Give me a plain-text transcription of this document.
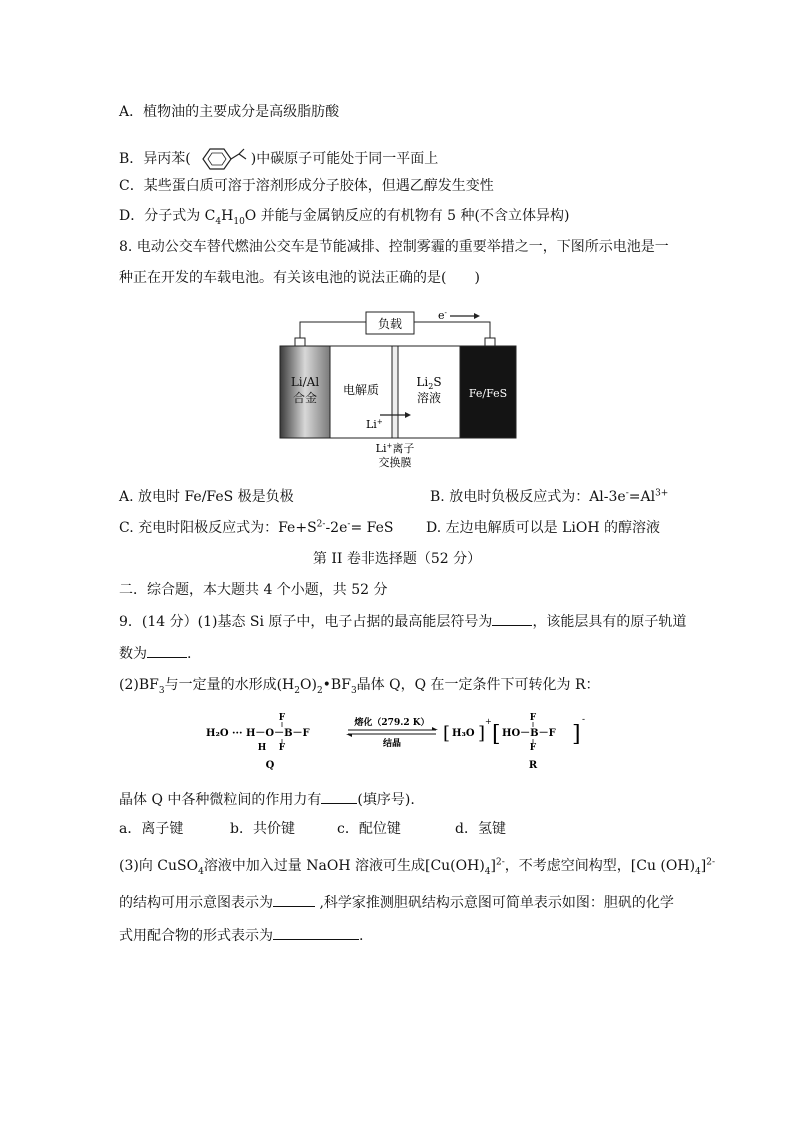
A．植物油的主要成分是高级脂肪酸
B．异丙苯(	)中碳原子可能处于同一平面上
C．某些蛋白质可溶于溶剂形成分子胶体，但遇乙醇发生变性
D．分子式为 $C_4H_{10}O$ 并能与金属钠反应的有机物有 5 种(不含立体异构)
8. 电动公交车替代燃油公交车是节能减排、控制雾霾的重要举措之一，下图所示电池是一
种正在开发的车载电池。有关该电池的说法正确的是(　　)
负载
e-
Li/Al
合金
电解质
$Li_2S$
溶液	Fe/FeS
Li+
Li+离子
交换膜
A. 放电时 Fe/FeS 极是负极	B. 放电时负极反应式为：$Al-3e^-=Al^{3+}$
C. 充电时阳极反应式为：$Fe+S^{2-}-2e^-=$ FeS D. 左边电解质可以是 LiOH 的醇溶液
第 II 卷非选择题（52 分）
二．综合题，本大题共 4 个小题，共 52 分
9．(14 分）(1)基态 Si 原子中，电子占据的最高能层符号为	，该能层具有的原子轨道
数为	.
$(2)BF_3$与一定量的水形成$(H_2O)_2•BF_3$晶体 Q，Q 在一定条件下可转化为 R：
F
H₂O ··· H－O－B－F
H F
熔化（279.2 K）
结晶 [ H₃O ]
+
[
F
HO－B－F
F
]
-
Q	R
晶体 Q 中各种微粒间的作用力有	(填序号).
a．离子键	b．共价键	c．配位键	d．氢键
(3)向 CuSO$_4$溶液中加入过量 NaOH 溶液可生成$[Cu(OH)_4]^{2-}$，不考虑空间构型，[Cu $(OH)_4]^{2-}$
的结构可用示意图表示为	,科学家推测胆矾结构示意图可简单表示如图：胆矾的化学
式用配合物的形式表示为	.
